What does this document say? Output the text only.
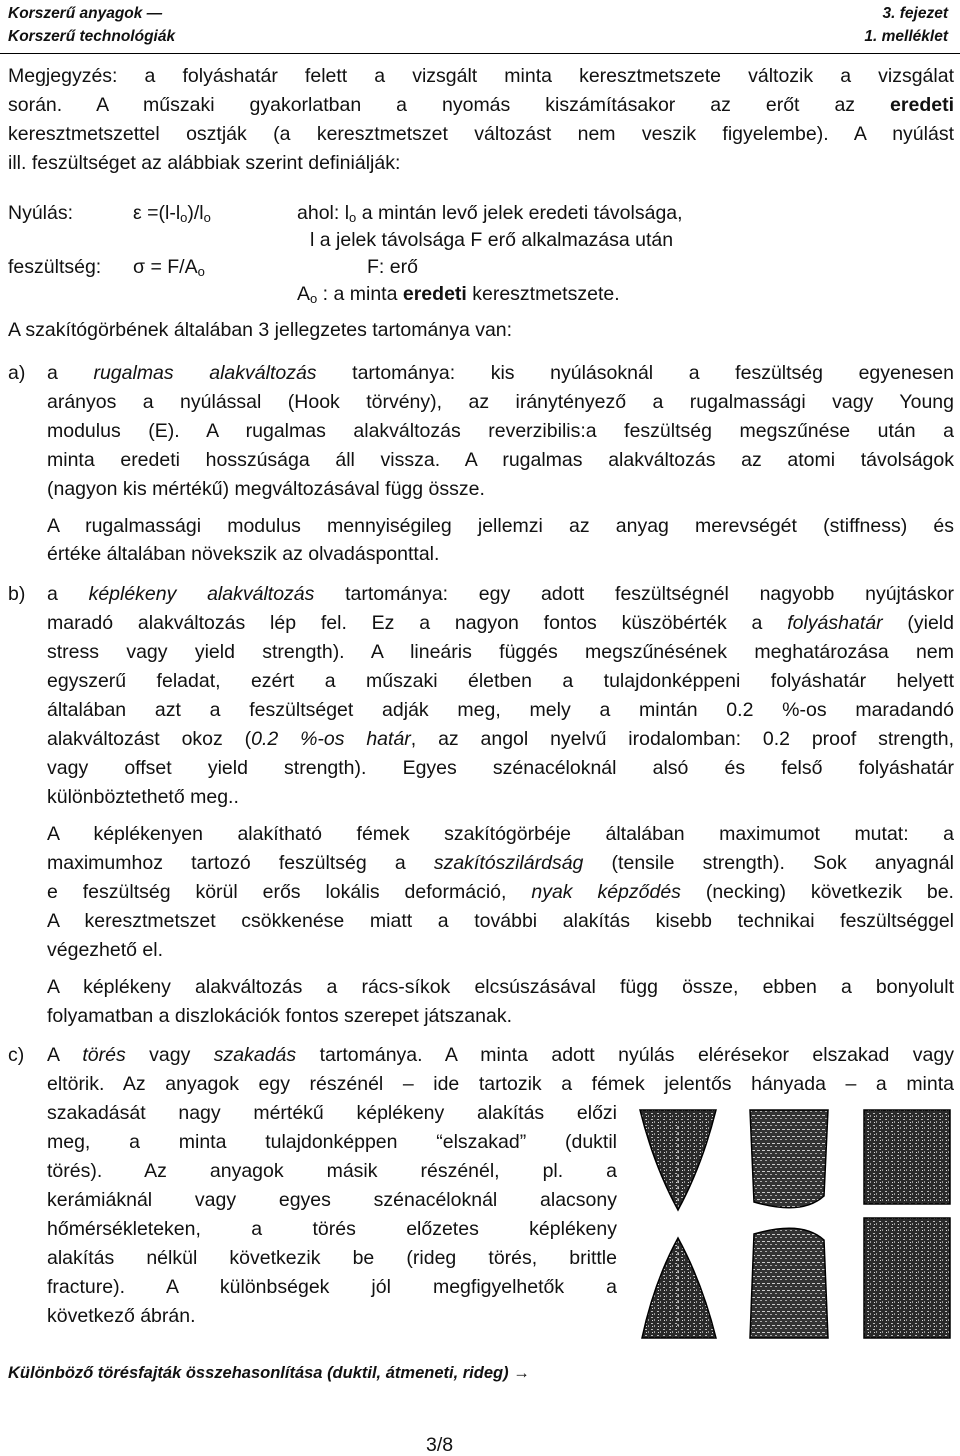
Korszerű anyagok —
Korszerű technológiák
3. fejezet
1. melléklet
Megjegyzés: a folyáshatár felett a vizsgált minta keresztmetszete változik a vizsgálat
során. A műszaki gyakorlatban a nyomás kiszámításakor az erőt az eredeti
keresztmetszettel osztják (a keresztmetszet változást nem veszik figyelembe). A nyúlást
ill. feszültséget az alábbiak szerint definiálják:
Nyúlás:	$\varepsilon =(l-l_o)/l_o$	ahol: $l_o$ a mintán levő jelek eredeti távolsága,
l a jelek távolsága F erő alkalmazása után
feszültség: $\sigma = F/A_o$	F: erő
$A_o$ : a minta eredeti keresztmetszete.
A szakítógörbének általában 3 jellegzetes tartománya van:
a) a rugalmas alakváltozás tartománya: kis nyúlásoknál a feszültség egyenesen
arányos a nyúlással (Hook törvény), az iránytényező a rugalmassági vagy Young
modulus (E). A rugalmas alakváltozás reverzibilis:a feszültség megszűnése után a
minta eredeti hosszúsága áll vissza. A rugalmas alakváltozás az atomi távolságok
(nagyon kis mértékű) megváltozásával függ össze.
A rugalmassági modulus mennyiségileg jellemzi az anyag merevségét (stiffness) és
értéke általában növekszik az olvadásponttal.
b) a képlékeny alakváltozás tartománya: egy adott feszültségnél nagyobb nyújtáskor
maradó alakváltozás lép fel. Ez a nagyon fontos küszöbérték a folyáshatár (yield
stress vagy yield strength). A lineáris függés megszűnésének meghatározása nem
egyszerű feladat, ezért a műszaki életben a tulajdonképpeni folyáshatár helyett
általában azt a feszültséget adják meg, mely a mintán 0.2 %-os maradandó
alakváltozást okoz (0.2 %-os határ, az angol nyelvű irodalomban: 0.2 proof strength,
vagy offset yield strength). Egyes szénacéloknál alsó és felső folyáshatár
különböztethető meg..
A képlékenyen alakítható fémek szakítógörbéje általában maximumot mutat: a
maximumhoz tartozó feszültség a szakítószilárdság (tensile strength). Sok anyagnál
e feszültség körül erős lokális deformáció, nyak képződés (necking) következik be.
A keresztmetszet csökkenése miatt a további alakítás kisebb technikai feszültséggel
végezhető el.
A képlékeny alakváltozás a rács-síkok elcsúszásával függ össze, ebben a bonyolult
folyamatban a diszlokációk fontos szerepet játszanak.
c) A törés vagy szakadás tartománya. A minta adott nyúlás elérésekor elszakad vagy
eltörik. Az anyagok egy részénél – ide tartozik a fémek jelentős hányada – a minta
szakadását nagy mértékű képlékeny alakítás előzi
meg, a minta tulajdonképpen “elszakad” (duktil
törés). Az anyagok másik részénél, pl. a
kerámiáknál vagy egyes szénacéloknál alacsony
hőmérsékleteken, a törés előzetes képlékeny
alakítás nélkül következik be (rideg törés, brittle
fracture). A különbségek jól megfigyelhetők a
következő ábrán.
Különböző törésfajták összehasonlítása (duktil, átmeneti, rideg) →
3/8
